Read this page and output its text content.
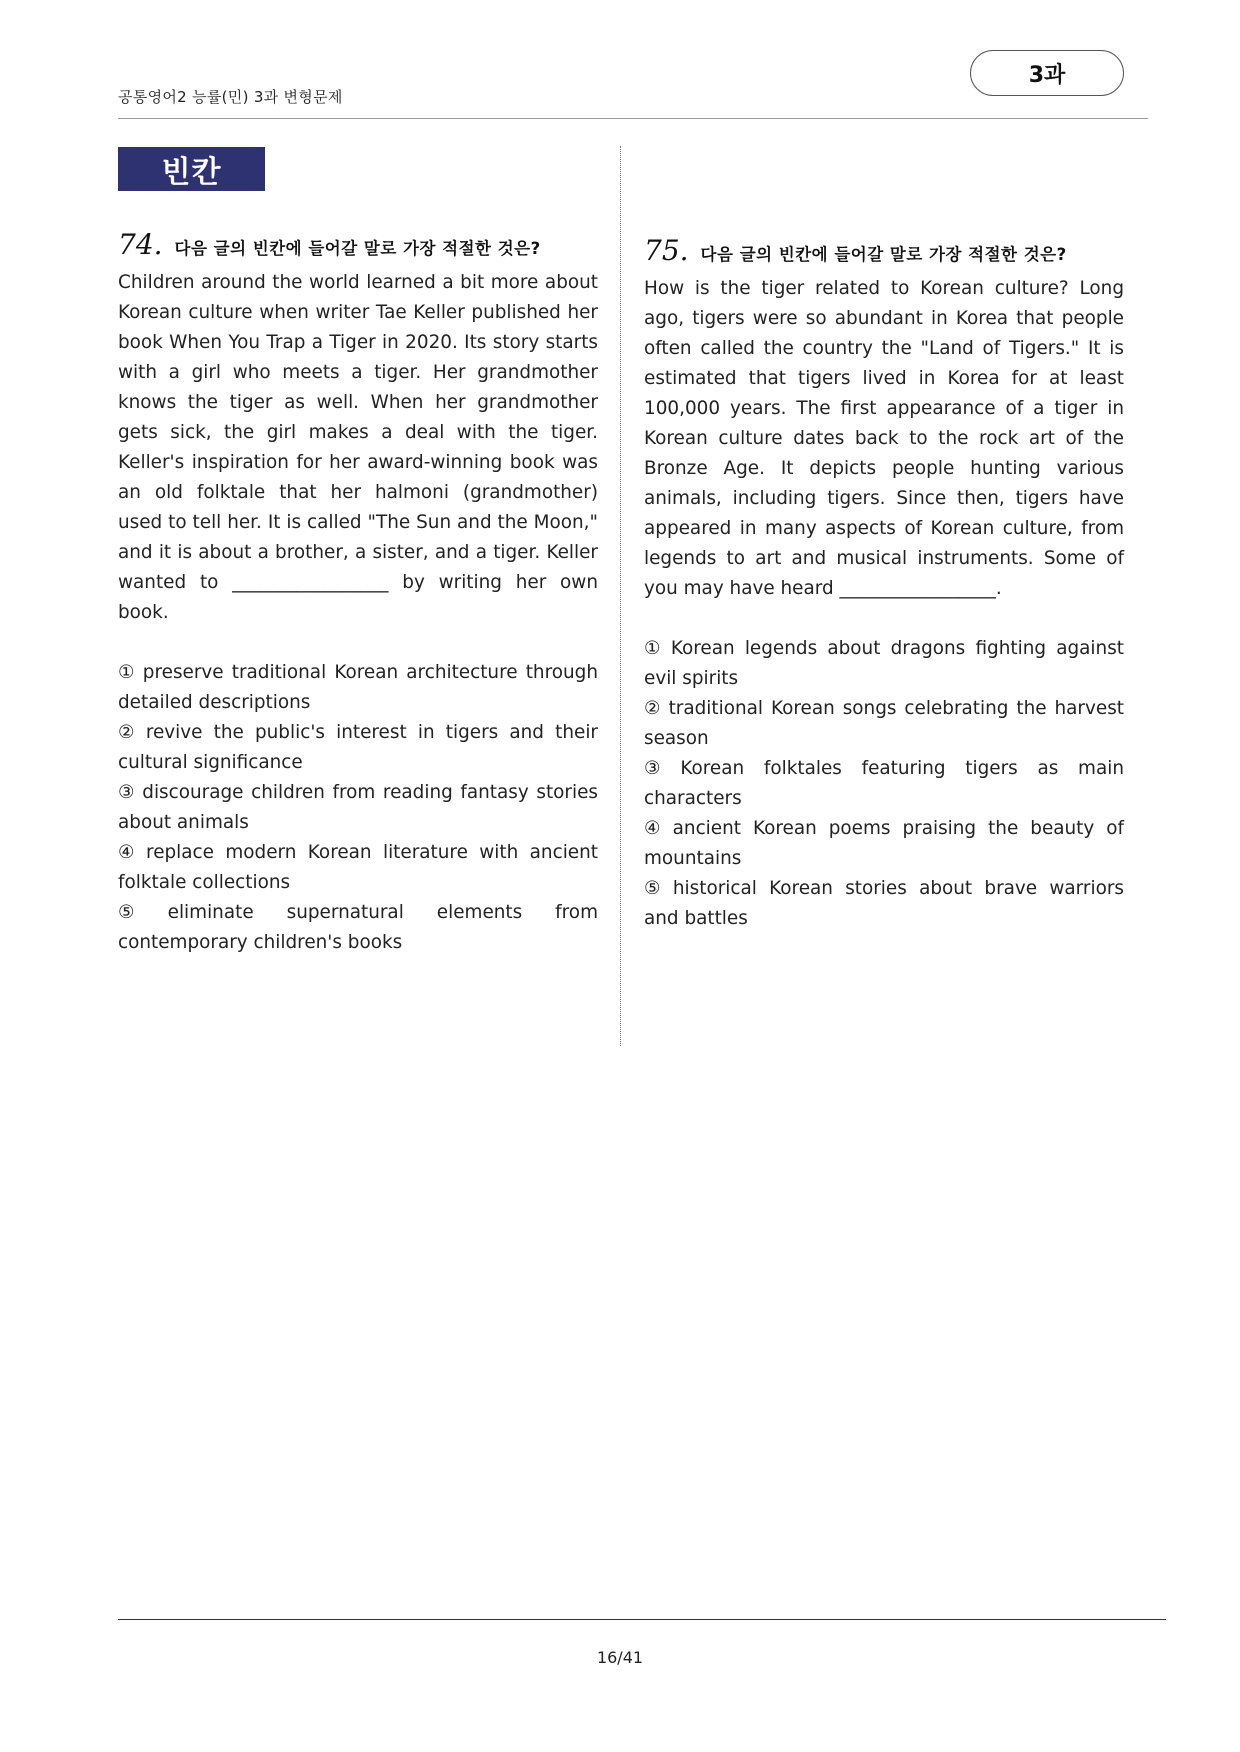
공통영어2 능률(민) 3과 변형문제
3과
빈칸
74. 다음 글의 빈칸에 들어갈 말로 가장 적절한 것은?

Children around the world learned a bit more about Korean culture when writer Tae Keller published her book When You Trap a Tiger in 2020. Its story starts with a girl who meets a tiger. Her grandmother knows the tiger as well. When her grandmother gets sick, the girl makes a deal with the tiger. Keller's inspiration for her award-winning book was an old folktale that her halmoni (grandmother) used to tell her. It is called "The Sun and the Moon," and it is about a brother, a sister, and a tiger. Keller wanted to _________________ by writing her own book.

① preserve traditional Korean architecture through detailed descriptions
② revive the public's interest in tigers and their cultural significance
③ discourage children from reading fantasy stories about animals
④ replace modern Korean literature with ancient folktale collections
⑤ eliminate supernatural elements from contemporary children's books
75. 다음 글의 빈칸에 들어갈 말로 가장 적절한 것은?

How is the tiger related to Korean culture? Long ago, tigers were so abundant in Korea that people often called the country the "Land of Tigers." It is estimated that tigers lived in Korea for at least 100,000 years. The first appearance of a tiger in Korean culture dates back to the rock art of the Bronze Age. It depicts people hunting various animals, including tigers. Since then, tigers have appeared in many aspects of Korean culture, from legends to art and musical instruments. Some of you may have heard _________________.

① Korean legends about dragons fighting against evil spirits
② traditional Korean songs celebrating the harvest season
③ Korean folktales featuring tigers as main characters
④ ancient Korean poems praising the beauty of mountains
⑤ historical Korean stories about brave warriors and battles
16/41
